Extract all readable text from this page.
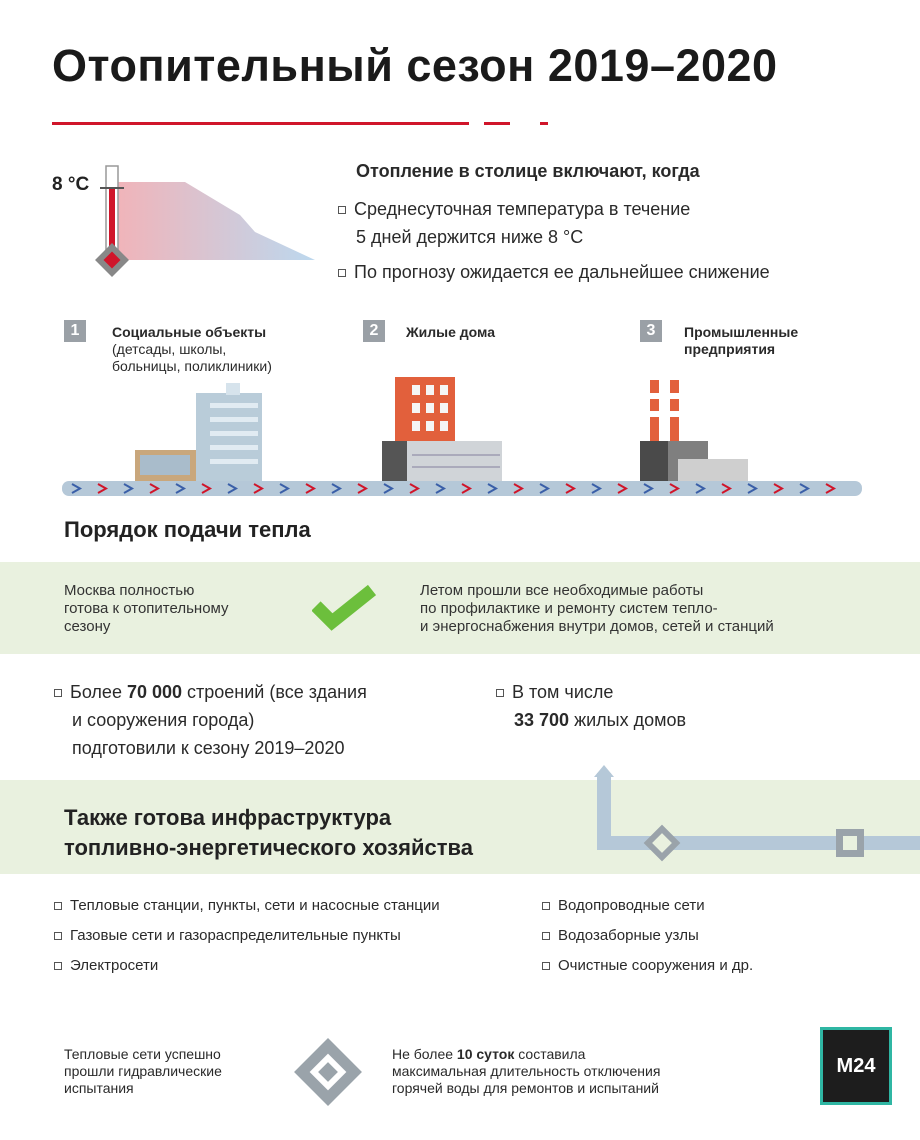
Отопительный сезон 2019–2020
8 °C
Отопление в столице включают, когда
Среднесуточная температура в течение
5 дней держится ниже 8 °C
По прогнозу ожидается ее дальнейшее снижение
1	Социальные объекты
(детсады, школы,
больницы, поликлиники)
2	Жилые дома	3	Промышленные
предприятия
Порядок подачи тепла
Москва полностью
готова к отопительному
сезону
Летом прошли все необходимые работы
по профилактике и ремонту систем тепло-
и энергоснабжения внутри домов, сетей и станций
Более 70 000 строений (все здания
и сооружения города)
подготовили к сезону 2019–2020
В том числе
33 700 жилых домов
Также готова инфраструктура
топливно-энергетического хозяйства
Тепловые станции, пункты, сети и насосные станции
Газовые сети и газораспределительные пункты
Электросети
Водопроводные сети
Водозаборные узлы
Очистные сооружения и др.
Тепловые сети успешно
прошли гидравлические
испытания
Не более 10 суток составила
максимальная длительность отключения
горячей воды для ремонтов и испытаний
M24
